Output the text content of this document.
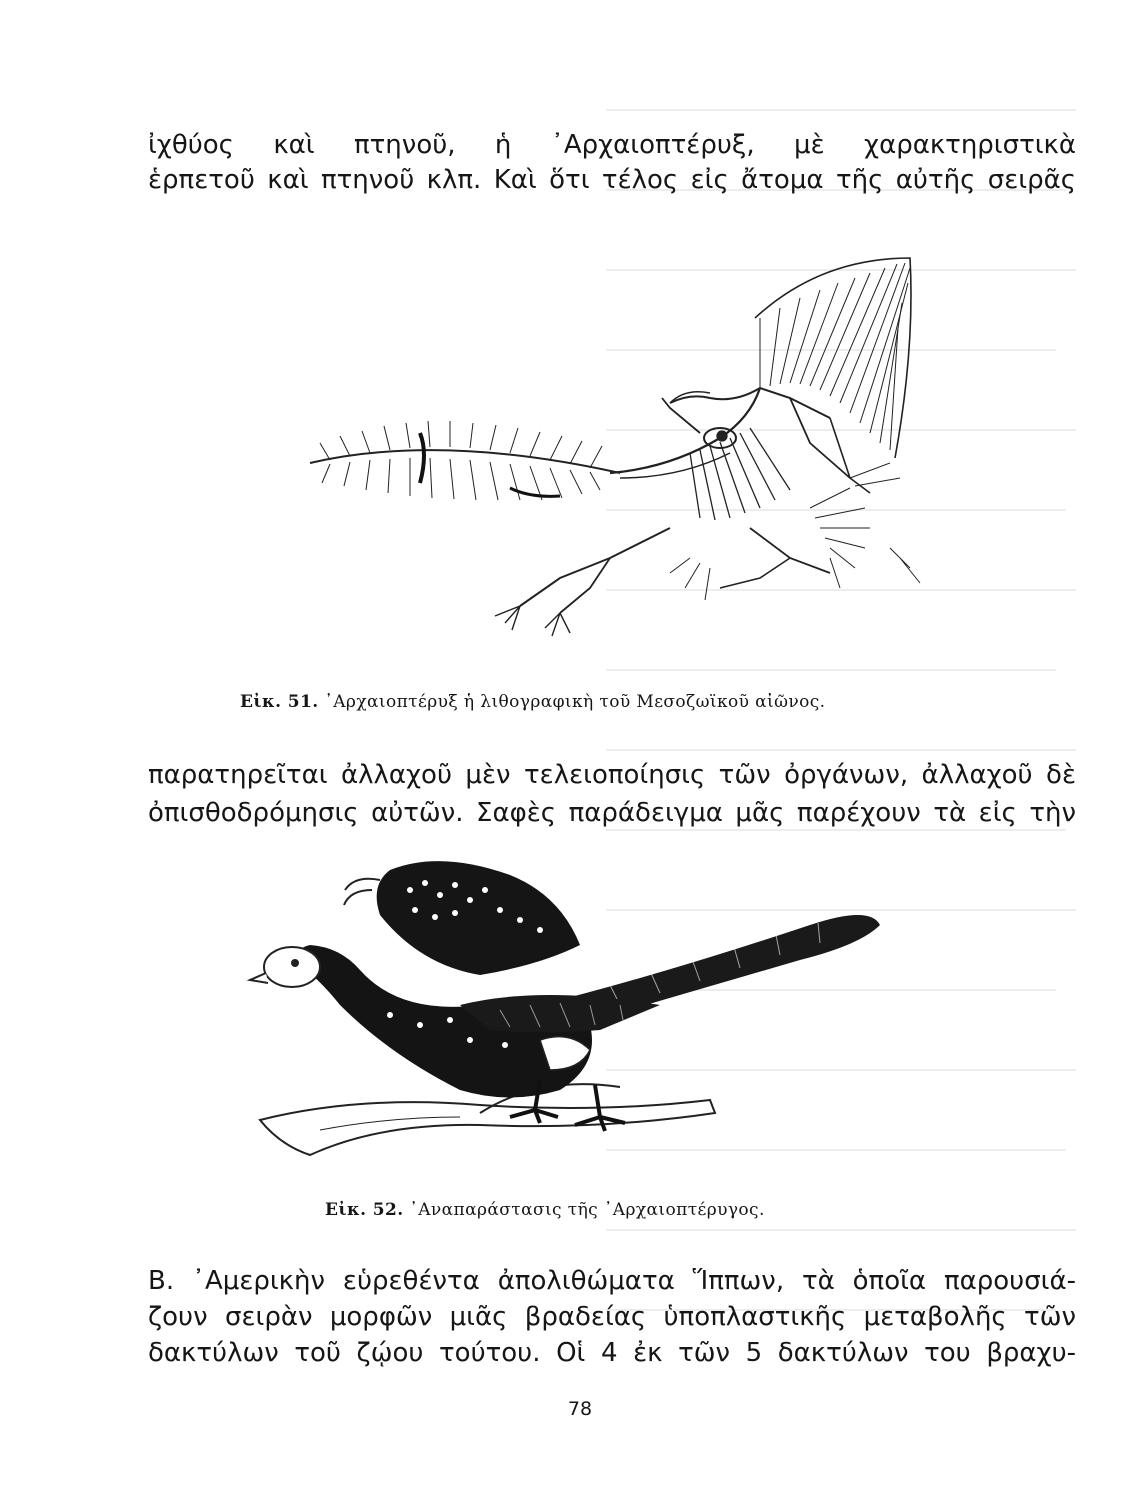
ἰχθύος καὶ πτηνοῦ, ἡ ᾿Αρχαιοπτέρυξ, μὲ χαρακτηριστικὰ
ἑρπετοῦ καὶ πτηνοῦ κλπ. Καὶ ὅτι τέλος εἰς ἄτομα τῆς αὐτῆς σειρᾶς
Εἰκ. 51. ᾿Αρχαιοπτέρυξ ἡ λιθογραφικὴ τοῦ Μεσοζωϊκοῦ αἰῶνος.
παρατηρεῖται ἀλλαχοῦ μὲν τελειοποίησις τῶν ὀργάνων, ἀλλαχοῦ δὲ
ὀπισθοδρόμησις αὐτῶν. Σαφὲς παράδειγμα μᾶς παρέχουν τὰ εἰς τὴν
Εἰκ. 52. ᾿Αναπαράστασις τῆς ᾿Αρχαιοπτέρυγος.
Β. ᾿Αμερικὴν εὑρεθέντα ἀπολιθώματα Ἵππων, τὰ ὁποῖα παρουσιά-
ζουν σειρὰν μορφῶν μιᾶς βραδείας ὑποπλαστικῆς μεταβολῆς τῶν
δακτύλων τοῦ ζῴου τούτου. Οἱ 4 ἐκ τῶν 5 δακτύλων του βραχυ-
78
